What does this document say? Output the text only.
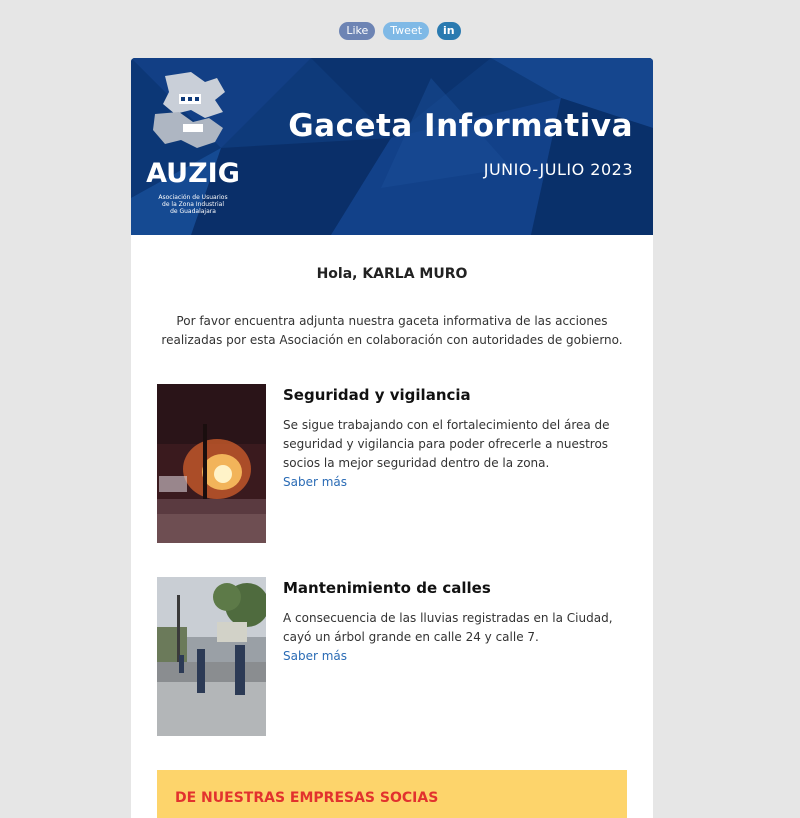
Like	Tweet	in
AUZIG
Asociación de Usuarios
de la Zona Industrial
de Guadalajara
Gaceta Informativa
JUNIO-JULIO 2023
Hola, KARLA MURO
Por favor encuentra adjunta nuestra gaceta informativa de las acciones realizadas por esta Asociación en colaboración con autoridades de gobierno.
Seguridad y vigilancia

Se sigue trabajando con el fortalecimiento del área de seguridad y vigilancia para poder ofrecerle a nuestros socios la mejor seguridad dentro de la zona.

Saber más
Mantenimiento de calles

A consecuencia de las lluvias registradas en la Ciudad, cayó un árbol grande en calle 24 y calle 7.

Saber más
DE NUESTRAS EMPRESAS SOCIAS
